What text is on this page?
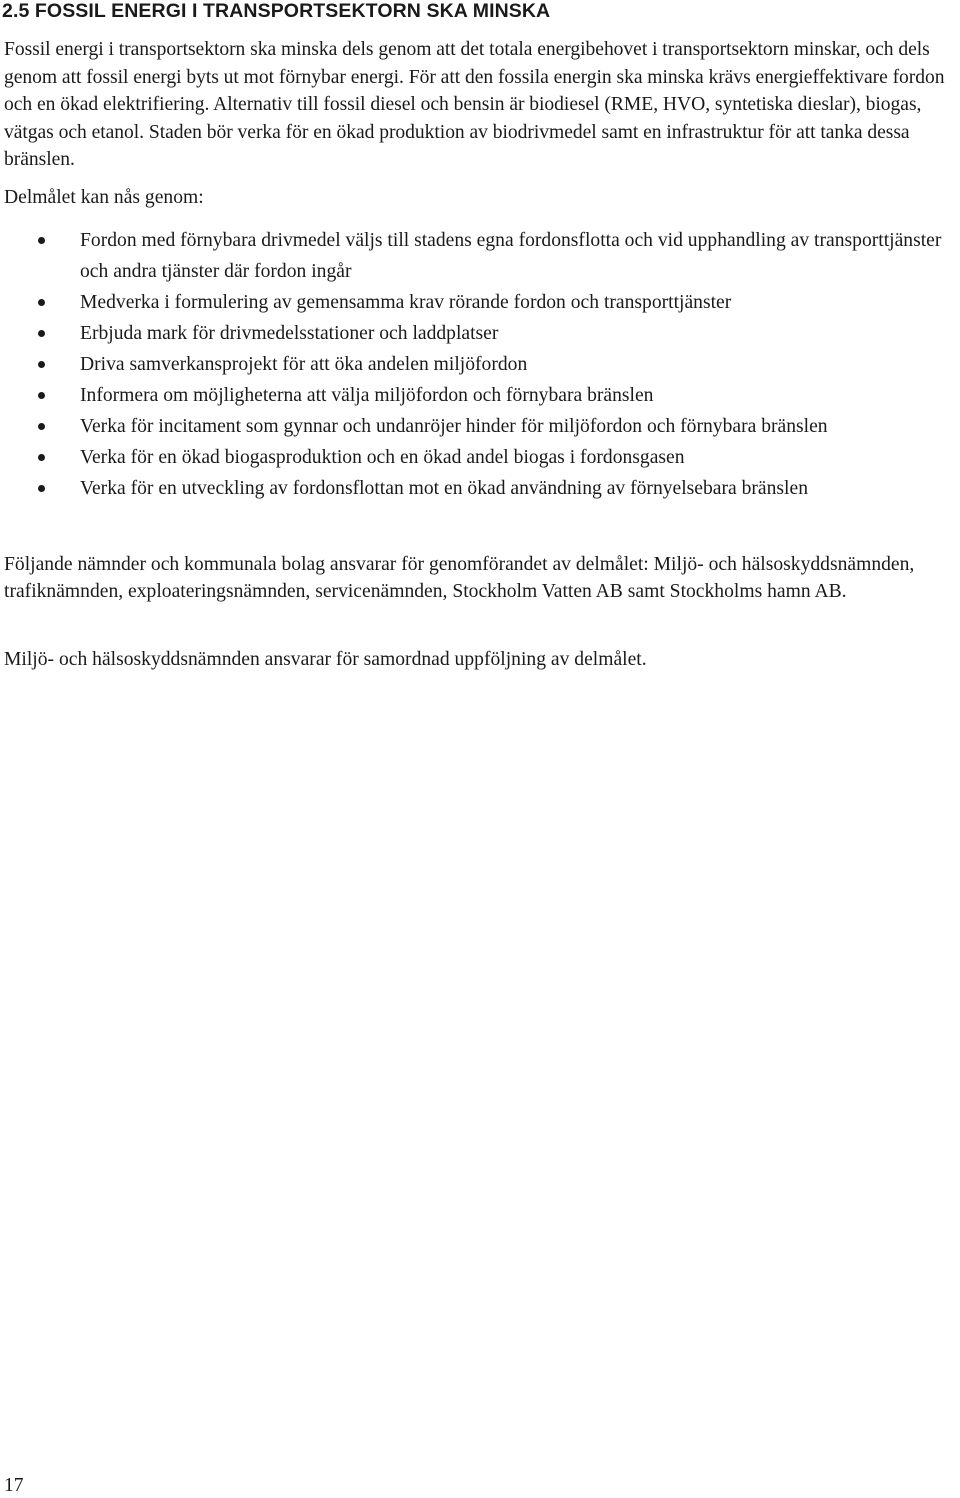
2.5 FOSSIL ENERGI I TRANSPORTSEKTORN SKA MINSKA

Fossil energi i transportsektorn ska minska dels genom att det totala energibehovet i transportsektorn minskar, och dels genom att fossil energi byts ut mot förnybar energi. För att den fossila energin ska minska krävs energieffektivare fordon och en ökad elektrifiering. Alternativ till fossil diesel och bensin är biodiesel (RME, HVO, syntetiska dieslar), biogas, vätgas och etanol. Staden bör verka för en ökad produktion av biodrivmedel samt en infrastruktur för att tanka dessa bränslen.

Delmålet kan nås genom:

Fordon med förnybara drivmedel väljs till stadens egna fordonsflotta och vid upphandling av transporttjänster och andra tjänster där fordon ingår
Medverka i formulering av gemensamma krav rörande fordon och transporttjänster
Erbjuda mark för drivmedelsstationer och laddplatser
Driva samverkansprojekt för att öka andelen miljöfordon
Informera om möjligheterna att välja miljöfordon och förnybara bränslen
Verka för incitament som gynnar och undanröjer hinder för miljöfordon och förnybara bränslen
Verka för en ökad biogasproduktion och en ökad andel biogas i fordonsgasen
Verka för en utveckling av fordonsflottan mot en ökad användning av förnyelsebara bränslen

Följande nämnder och kommunala bolag ansvarar för genomförandet av delmålet: Miljö- och hälsoskyddsnämnden, trafiknämnden, exploateringsnämnden, servicenämnden, Stockholm Vatten AB samt Stockholms hamn AB.

Miljö- och hälsoskyddsnämnden ansvarar för samordnad uppföljning av delmålet.

17
